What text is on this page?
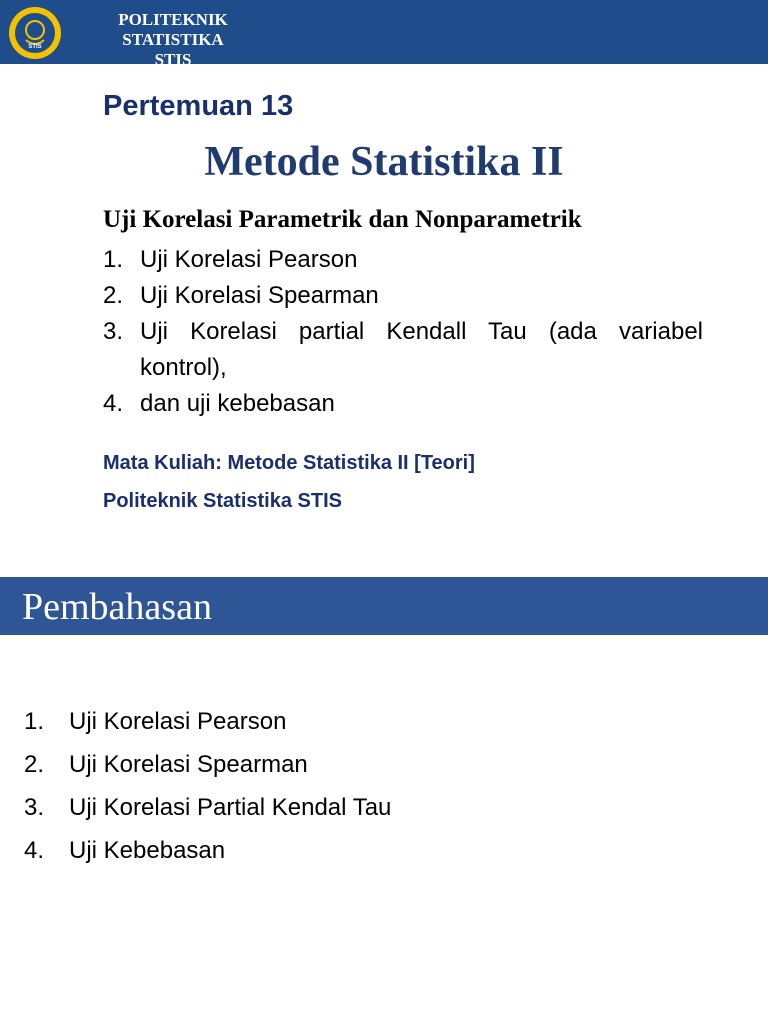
STIS
POLITEKNIK STATISTIKA
STIS
Pertemuan 13
Metode Statistika II

Uji Korelasi Parametrik dan Nonparametrik

1. Uji Korelasi Pearson
2. Uji Korelasi Spearman
3. Uji Korelasi partial Kendall Tau (ada variabel kontrol),
4. dan uji kebebasan

Mata Kuliah: Metode Statistika II [Teori]

Politeknik Statistika STIS

Pembahasan
1.	Uji Korelasi Pearson
2.	Uji Korelasi Spearman
3.	Uji Korelasi Partial Kendal Tau
4.	Uji Kebebasan
